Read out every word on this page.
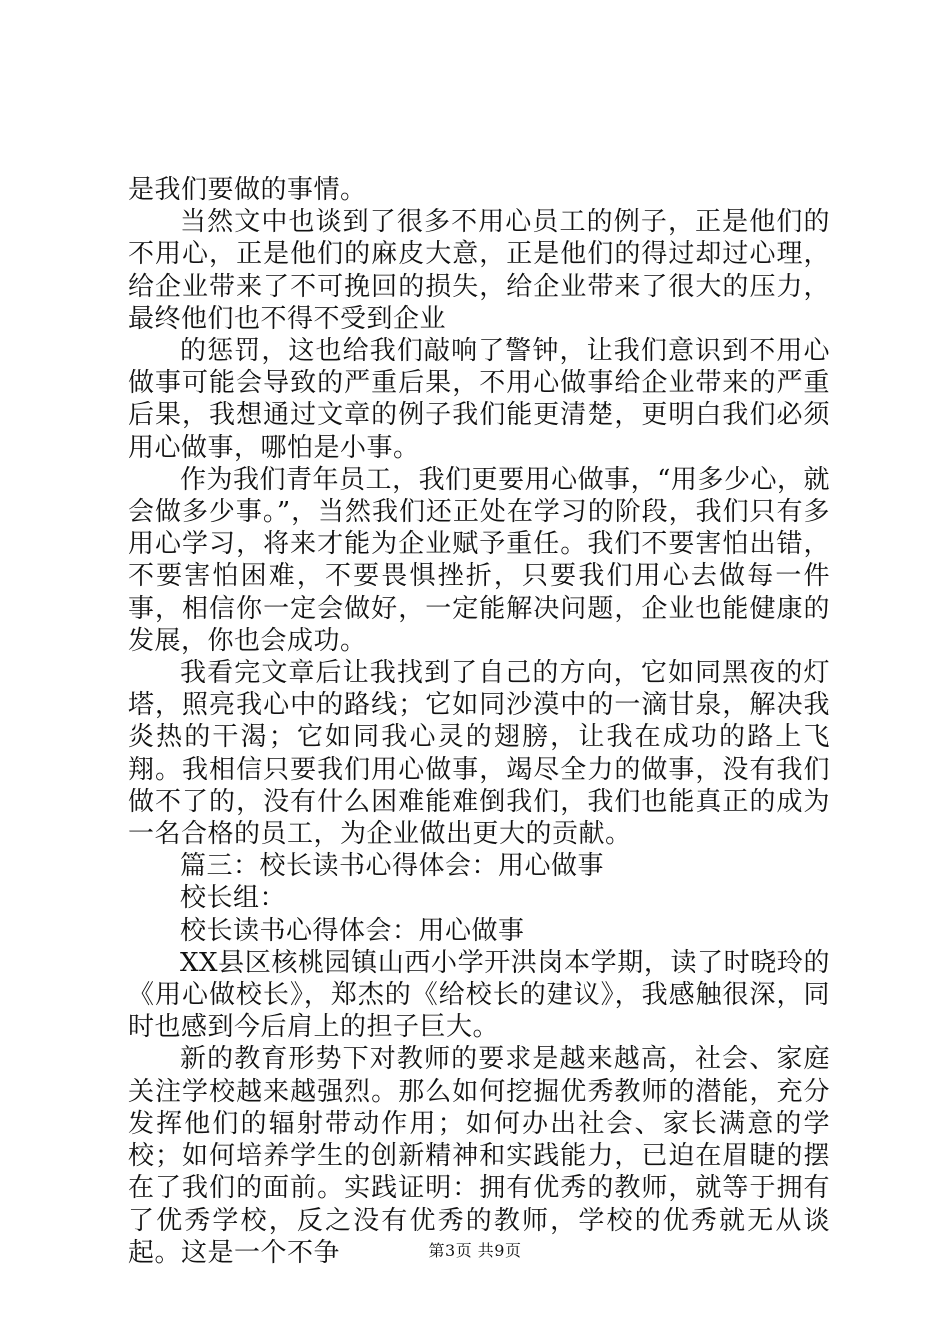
是我们要做的事情。

当然文中也谈到了很多不用心员工的例子，正是他们的不用心，正是他们的麻皮大意，正是他们的得过却过心理，给企业带来了不可挽回的损失，给企业带来了很大的压力，最终他们也不得不受到企业

的惩罚，这也给我们敲响了警钟，让我们意识到不用心做事可能会导致的严重后果，不用心做事给企业带来的严重后果，我想通过文章的例子我们能更清楚，更明白我们必须用心做事，哪怕是小事。

作为我们青年员工，我们更要用心做事，“用多少心，就会做多少事。”，当然我们还正处在学习的阶段，我们只有多用心学习，将来才能为企业赋予重任。我们不要害怕出错，不要害怕困难，不要畏惧挫折，只要我们用心去做每一件事，相信你一定会做好，一定能解决问题，企业也能健康的发展，你也会成功。

我看完文章后让我找到了自己的方向，它如同黑夜的灯塔，照亮我心中的路线；它如同沙漠中的一滴甘泉，解决我炎热的干渴；它如同我心灵的翅膀，让我在成功的路上飞翔。我相信只要我们用心做事，竭尽全力的做事，没有我们做不了的，没有什么困难能难倒我们，我们也能真正的成为一名合格的员工，为企业做出更大的贡献。

篇三：校长读书心得体会：用心做事

校长组：

校长读书心得体会：用心做事

XX县区核桃园镇山西小学开洪岗本学期，读了时晓玲的《用心做校长》，郑杰的《给校长的建议》，我感触很深，同时也感到今后肩上的担子巨大。

新的教育形势下对教师的要求是越来越高，社会、家庭关注学校越来越强烈。那么如何挖掘优秀教师的潜能，充分发挥他们的辐射带动作用；如何办出社会、家长满意的学校；如何培养学生的创新精神和实践能力，已迫在眉睫的摆在了我们的面前。实践证明：拥有优秀的教师，就等于拥有了优秀学校，反之没有优秀的教师，学校的优秀就无从谈起。这是一个不争	第3页 共9页
